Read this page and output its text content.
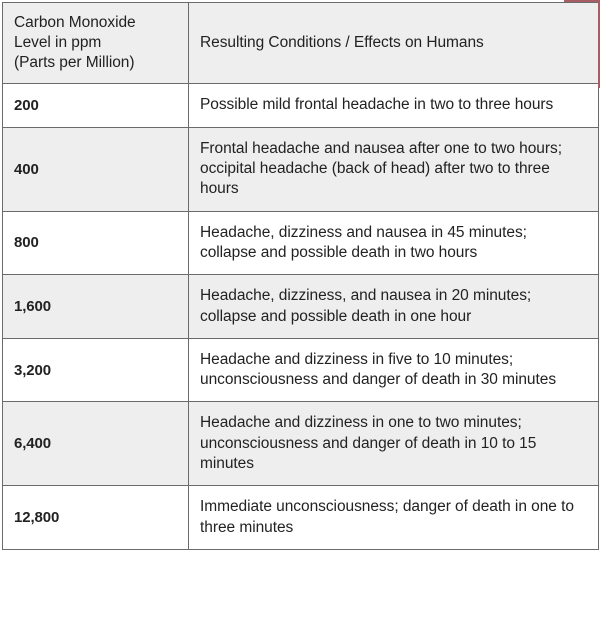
Carbon Monoxide
Level in ppm
(Parts per Million)	Resulting Conditions / Effects on Humans
200	Possible mild frontal headache in two to three hours
400	Frontal headache and nausea after one to two hours; occipital headache (back of head) after two to three hours
800	Headache, dizziness and nausea in 45 minutes; collapse and possible death in two hours
1,600	Headache, dizziness, and nausea in 20 minutes; collapse and possible death in one hour
3,200	Headache and dizziness in five to 10 minutes; unconsciousness and danger of death in 30 minutes
6,400	Headache and dizziness in one to two minutes; unconsciousness and danger of death in 10 to 15 minutes
12,800	Immediate unconsciousness; danger of death in one to three minutes
